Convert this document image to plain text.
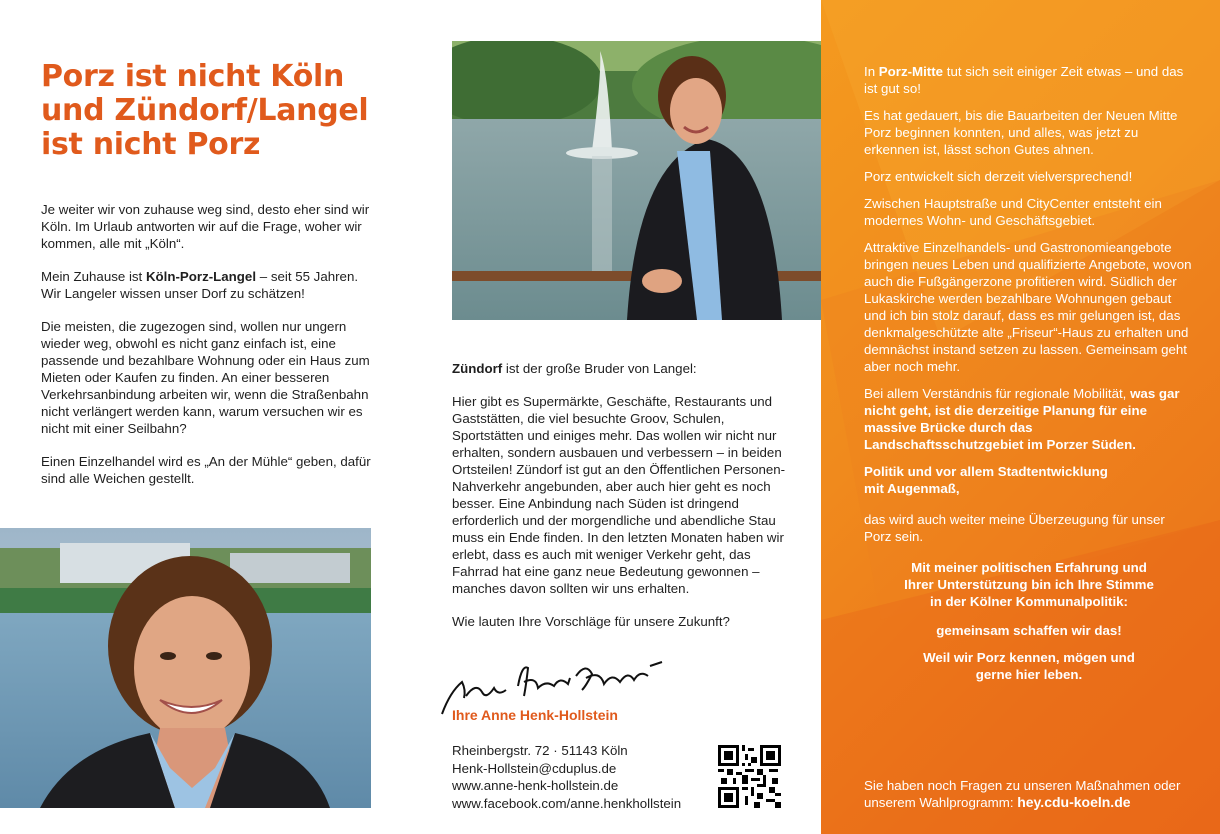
Porz ist nicht Köln
und Zündorf/Langel
ist nicht Porz

Je weiter wir von zuhause weg sind, desto eher sind wir Köln. Im Urlaub antworten wir auf die Frage, woher wir kommen, alle mit „Köln“.

Mein Zuhause ist Köln-Porz-Langel – seit 55 Jahren. Wir Langeler wissen unser Dorf zu schätzen!

Die meisten, die zugezogen sind, wollen nur ungern wieder weg, obwohl es nicht ganz einfach ist, eine passende und bezahlbare Wohnung oder ein Haus zum Mieten oder Kaufen zu finden. An einer besseren Verkehrsanbindung arbeiten wir, wenn die Straßenbahn nicht verlängert werden kann, warum versuchen wir es nicht mit einer Seilbahn?

Einen Einzelhandel wird es „An der Mühle“ geben, dafür sind alle Weichen gestellt.

Zündorf ist der große Bruder von Langel:

Hier gibt es Supermärkte, Geschäfte, Restaurants und Gaststätten, die viel besuchte Groov, Schulen, Sportstätten und einiges mehr. Das wollen wir nicht nur erhalten, sondern ausbauen und verbessern – in beiden Ortsteilen! Zündorf ist gut an den Öffentlichen Personen-Nahverkehr angebunden, aber auch hier geht es noch besser. Eine Anbindung nach Süden ist dringend erforderlich und der morgendliche und abendliche Stau muss ein Ende finden. In den letzten Monaten haben wir erlebt, dass es auch mit weniger Verkehr geht, das Fahrrad hat eine ganz neue Bedeutung gewonnen – manches davon sollten wir uns erhalten.

Wie lauten Ihre Vorschläge für unsere Zukunft?

Ihre Anne Henk-Hollstein
Rheinbergstr. 72 · 51143 Köln
Henk-Hollstein@cduplus.de
www.anne-henk-hollstein.de
www.facebook.com/anne.henkhollstein

In Porz-Mitte tut sich seit einiger Zeit etwas – und das ist gut so!

Es hat gedauert, bis die Bauarbeiten der Neuen Mitte Porz beginnen konnten, und alles, was jetzt zu erkennen ist, lässt schon Gutes ahnen.

Porz entwickelt sich derzeit vielversprechend!

Zwischen Hauptstraße und CityCenter entsteht ein modernes Wohn- und Geschäftsgebiet.

Attraktive Einzelhandels- und Gastronomieangebote bringen neues Leben und qualifizierte Angebote, wovon auch die Fußgängerzone profitieren wird. Südlich der Lukaskirche werden bezahlbare Wohnungen gebaut und ich bin stolz darauf, dass es mir gelungen ist, das denkmalgeschützte alte „Friseur“-Haus zu erhalten und demnächst instand setzen zu lassen. Gemeinsam geht aber noch mehr.

Bei allem Verständnis für regionale Mobilität, was gar nicht geht, ist die derzeitige Planung für eine massive Brücke durch das Landschaftsschutzgebiet im Porzer Süden.

Politik und vor allem Stadtentwicklung
mit Augenmaß,

das wird auch weiter meine Überzeugung für unser Porz sein.

Mit meiner politischen Erfahrung und
Ihrer Unterstützung bin ich Ihre Stimme
in der Kölner Kommunalpolitik:

gemeinsam schaffen wir das!

Weil wir Porz kennen, mögen und
gerne hier leben.

Sie haben noch Fragen zu unseren Maßnahmen oder
unserem Wahlprogramm: hey.cdu-koeln.de
